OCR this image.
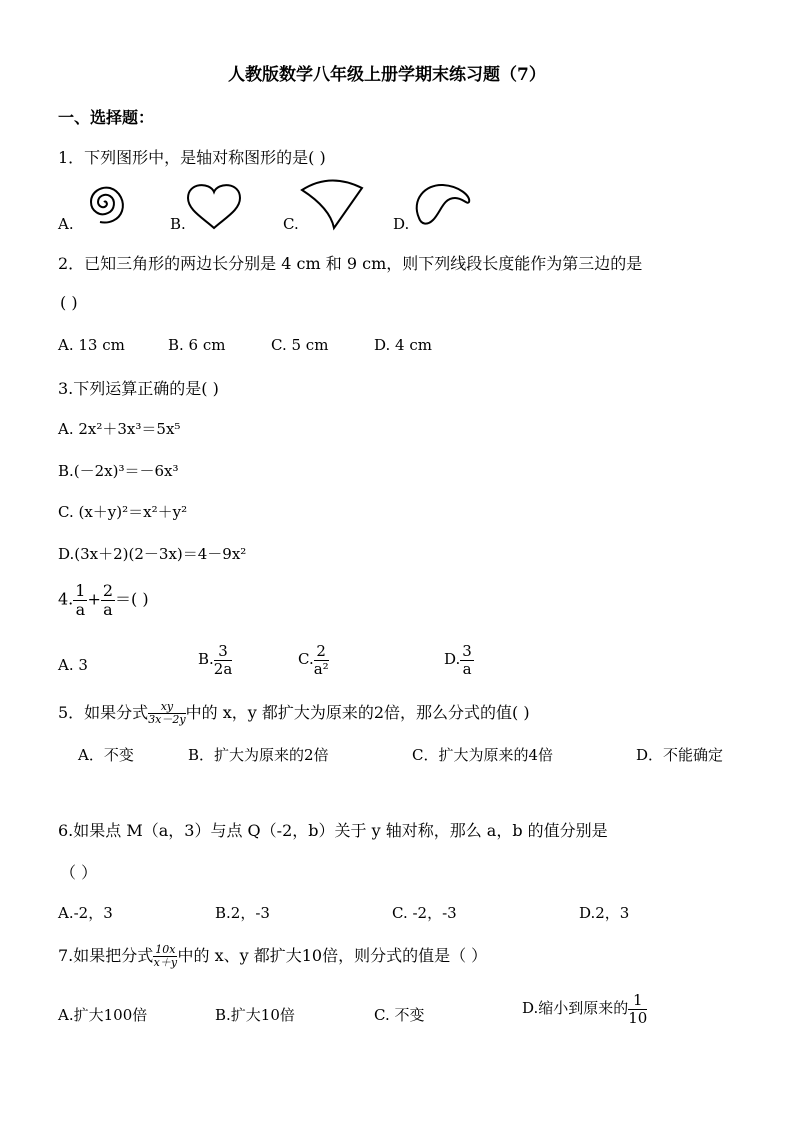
人教版数学八年级上册学期末练习题（7）
一、选择题：
1．下列图形中，是轴对称图形的是( )
A.	B.	C.	D.
2．已知三角形的两边长分别是 4 cm 和 9 cm，则下列线段长度能作为第三边的是
( )
A. 13 cm	B. 6 cm	C. 5 cm	D. 4 cm
3.下列运算正确的是( )
A. 2x²＋3x³＝5x⁵
B.(－2x)³＝－6x³
C. (x＋y)²＝x²＋y²
D.(3x＋2)(2－3x)＝4－9x²
4. $\frac{1}{a} + \frac{2}{a}$ ＝( )
A. 3	B. $\frac{3}{2a}$	C. $\frac{2}{\text{a²}}$	D. $\frac{3}{a}$
5．如果分式 $\frac{xy}{3x-2y}$ 中的 x，y 都扩大为原来的2倍，那么分式的值( )
A．不变	B．扩大为原来的2倍	C．扩大为原来的4倍	D．不能确定
6.如果点 M（a，3）与点 Q（-2，b）关于 y 轴对称，那么 a，b 的值分别是
（ ）
A.-2，3	B.2，-3	C. -2，-3	D.2，3
7.如果把分式 $\frac{10x}{x+y}$ 中的 x、y 都扩大10倍，则分式的值是（ ）
A.扩大100倍	B.扩大10倍	C. 不变	D.缩小到原来的 $\frac{1}{10}$
